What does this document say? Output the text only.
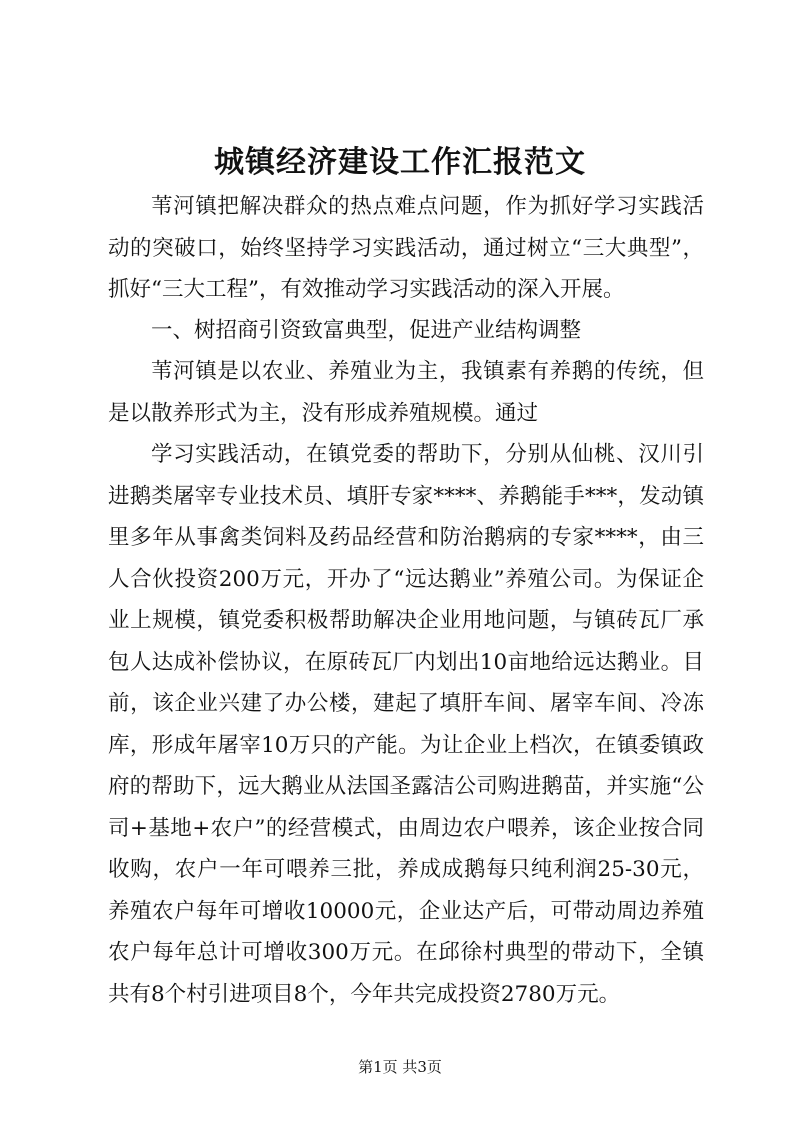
城镇经济建设工作汇报范文

苇河镇把解决群众的热点难点问题，作为抓好学习实践活动的突破口，始终坚持学习实践活动，通过树立“三大典型”，抓好“三大工程”，有效推动学习实践活动的深入开展。

一、树招商引资致富典型，促进产业结构调整

苇河镇是以农业、养殖业为主，我镇素有养鹅的传统，但是以散养形式为主，没有形成养殖规模。通过

学习实践活动，在镇党委的帮助下，分别从仙桃、汉川引进鹅类屠宰专业技术员、填肝专家****、养鹅能手***，发动镇里多年从事禽类饲料及药品经营和防治鹅病的专家****，由三人合伙投资200万元，开办了“远达鹅业”养殖公司。为保证企业上规模，镇党委积极帮助解决企业用地问题，与镇砖瓦厂承包人达成补偿协议，在原砖瓦厂内划出10亩地给远达鹅业。目前，该企业兴建了办公楼，建起了填肝车间、屠宰车间、冷冻库，形成年屠宰10万只的产能。为让企业上档次，在镇委镇政府的帮助下，远大鹅业从法国圣露洁公司购进鹅苗，并实施“公司+基地+农户”的经营模式，由周边农户喂养，该企业按合同收购，农户一年可喂养三批，养成成鹅每只纯利润25-30元，养殖农户每年可增收10000元，企业达产后，可带动周边养殖农户每年总计可增收300万元。在邱徐村典型的带动下，全镇共有8个村引进项目8个，今年共完成投资2780万元。

第1页 共3页
